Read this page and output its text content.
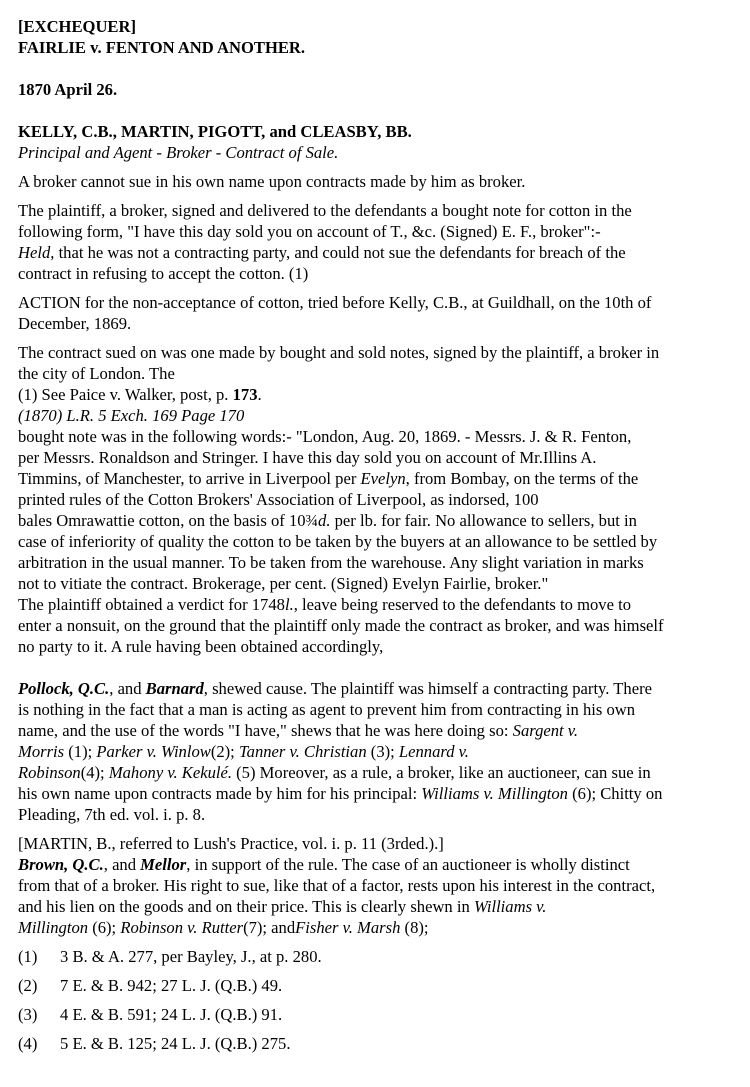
[EXCHEQUER]
FAIRLIE v. FENTON AND ANOTHER.
1870 April 26.
KELLY, C.B., MARTIN, PIGOTT, and CLEASBY, BB.
Principal and Agent - Broker - Contract of Sale.
A broker cannot sue in his own name upon contracts made by him as broker.
The plaintiff, a broker, signed and delivered to the defendants a bought note for cotton in the
following form, "I have this day sold you on account of T., &c. (Signed) E. F., broker":-
Held, that he was not a contracting party, and could not sue the defendants for breach of the
contract in refusing to accept the cotton. (1)
ACTION for the non-acceptance of cotton, tried before Kelly, C.B., at Guildhall, on the 10th of
December, 1869.
The contract sued on was one made by bought and sold notes, signed by the plaintiff, a broker in
the city of London. The
(1) See Paice v. Walker, post, p. 173.
(1870) L.R. 5 Exch. 169 Page 170
bought note was in the following words:- "London, Aug. 20, 1869. - Messrs. J. & R. Fenton,
per Messrs. Ronaldson and Stringer. I have this day sold you on account of Mr.Illins A.
Timmins, of Manchester, to arrive in Liverpool per Evelyn, from Bombay, on the terms of the
printed rules of the Cotton Brokers' Association of Liverpool, as indorsed, 100
bales Omrawattie cotton, on the basis of 10¾d. per lb. for fair. No allowance to sellers, but in
case of inferiority of quality the cotton to be taken by the buyers at an allowance to be settled by
arbitration in the usual manner. To be taken from the warehouse. Any slight variation in marks
not to vitiate the contract. Brokerage, per cent. (Signed) Evelyn Fairlie, broker."
The plaintiff obtained a verdict for 1748l., leave being reserved to the defendants to move to
enter a nonsuit, on the ground that the plaintiff only made the contract as broker, and was himself
no party to it. A rule having been obtained accordingly,
Pollock, Q.C., and Barnard, shewed cause. The plaintiff was himself a contracting party. There
is nothing in the fact that a man is acting as agent to prevent him from contracting in his own
name, and the use of the words "I have," shews that he was here doing so: Sargent v.
Morris (1); Parker v. Winlow(2); Tanner v. Christian (3); Lennard v.
Robinson(4); Mahony v. Kekulé. (5) Moreover, as a rule, a broker, like an auctioneer, can sue in
his own name upon contracts made by him for his principal: Williams v. Millington (6); Chitty on
Pleading, 7th ed. vol. i. p. 8.
[MARTIN, B., referred to Lush's Practice, vol. i. p. 11 (3rded.).]
Brown, Q.C., and Mellor, in support of the rule. The case of an auctioneer is wholly distinct
from that of a broker. His right to sue, like that of a factor, rests upon his interest in the contract,
and his lien on the goods and on their price. This is clearly shewn in Williams v.
Millington (6); Robinson v. Rutter(7); andFisher v. Marsh (8);
(1) 3 B. & A. 277, per Bayley, J., at p. 280.
(2) 7 E. & B. 942; 27 L. J. (Q.B.) 49.
(3) 4 E. & B. 591; 24 L. J. (Q.B.) 91.
(4) 5 E. & B. 125; 24 L. J. (Q.B.) 275.
